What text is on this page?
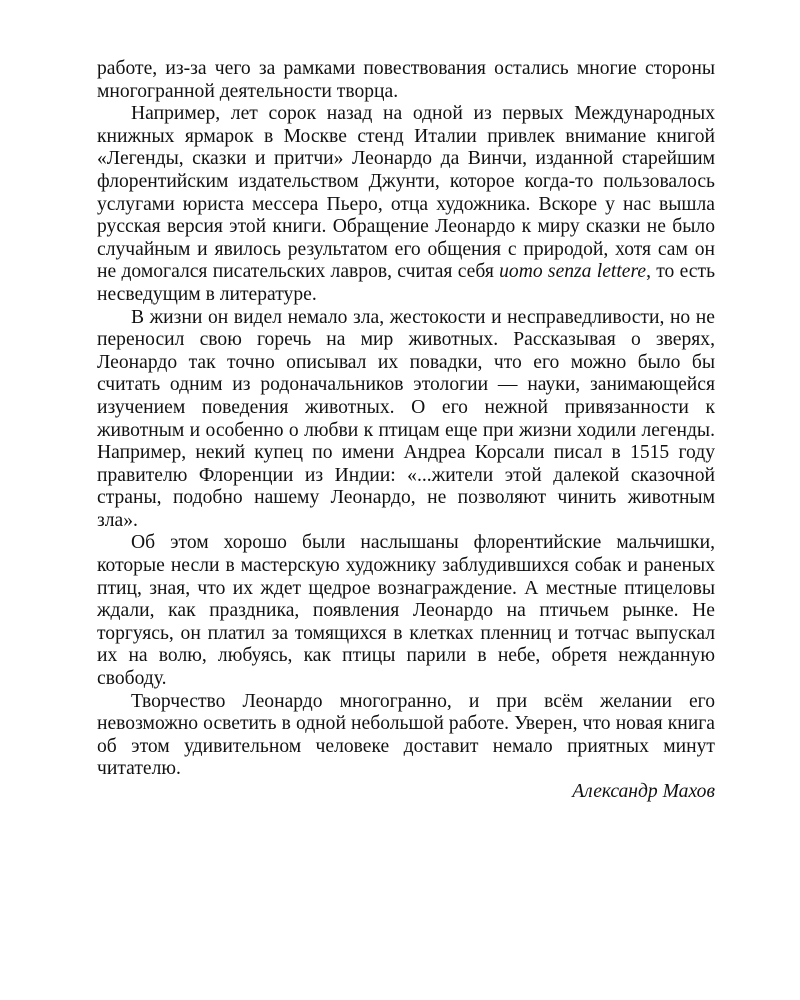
работе, из-за чего за рамками повествования остались многие стороны многогранной деятельности творца.

Например, лет сорок назад на одной из первых Международных книжных ярмарок в Москве стенд Италии привлек внимание книгой «Легенды, сказки и притчи» Леонардо да Винчи, изданной старейшим флорентийским издательством Джунти, которое когда-то пользовалось услугами юриста мессера Пьеро, отца художника. Вскоре у нас вышла русская версия этой книги. Обращение Леонардо к миру сказки не было случайным и явилось результатом его общения с природой, хотя сам он не домогался писательских лавров, считая себя uomo senza lettere, то есть несведущим в литературе.

В жизни он видел немало зла, жестокости и несправедливости, но не переносил свою горечь на мир животных. Рассказывая о зверях, Леонардо так точно описывал их повадки, что его можно было бы считать одним из родоначальников этологии — науки, занимающейся изучением поведения животных. О его нежной привязанности к животным и особенно о любви к птицам еще при жизни ходили легенды. Например, некий купец по имени Андреа Корсали писал в 1515 году правителю Флоренции из Индии: «...жители этой далекой сказочной страны, подобно нашему Леонардо, не позволяют чинить животным зла».

Об этом хорошо были наслышаны флорентийские мальчишки, которые несли в мастерскую художнику заблудившихся собак и раненых птиц, зная, что их ждет щедрое вознаграждение. А местные птицеловы ждали, как праздника, появления Леонардо на птичьем рынке. Не торгуясь, он платил за томящихся в клетках пленниц и тотчас выпускал их на волю, любуясь, как птицы парили в небе, обретя нежданную свободу.

Творчество Леонардо многогранно, и при всём желании его невозможно осветить в одной небольшой работе. Уверен, что новая книга об этом удивительном человеке доставит немало приятных минут читателю.

Александр Махов
